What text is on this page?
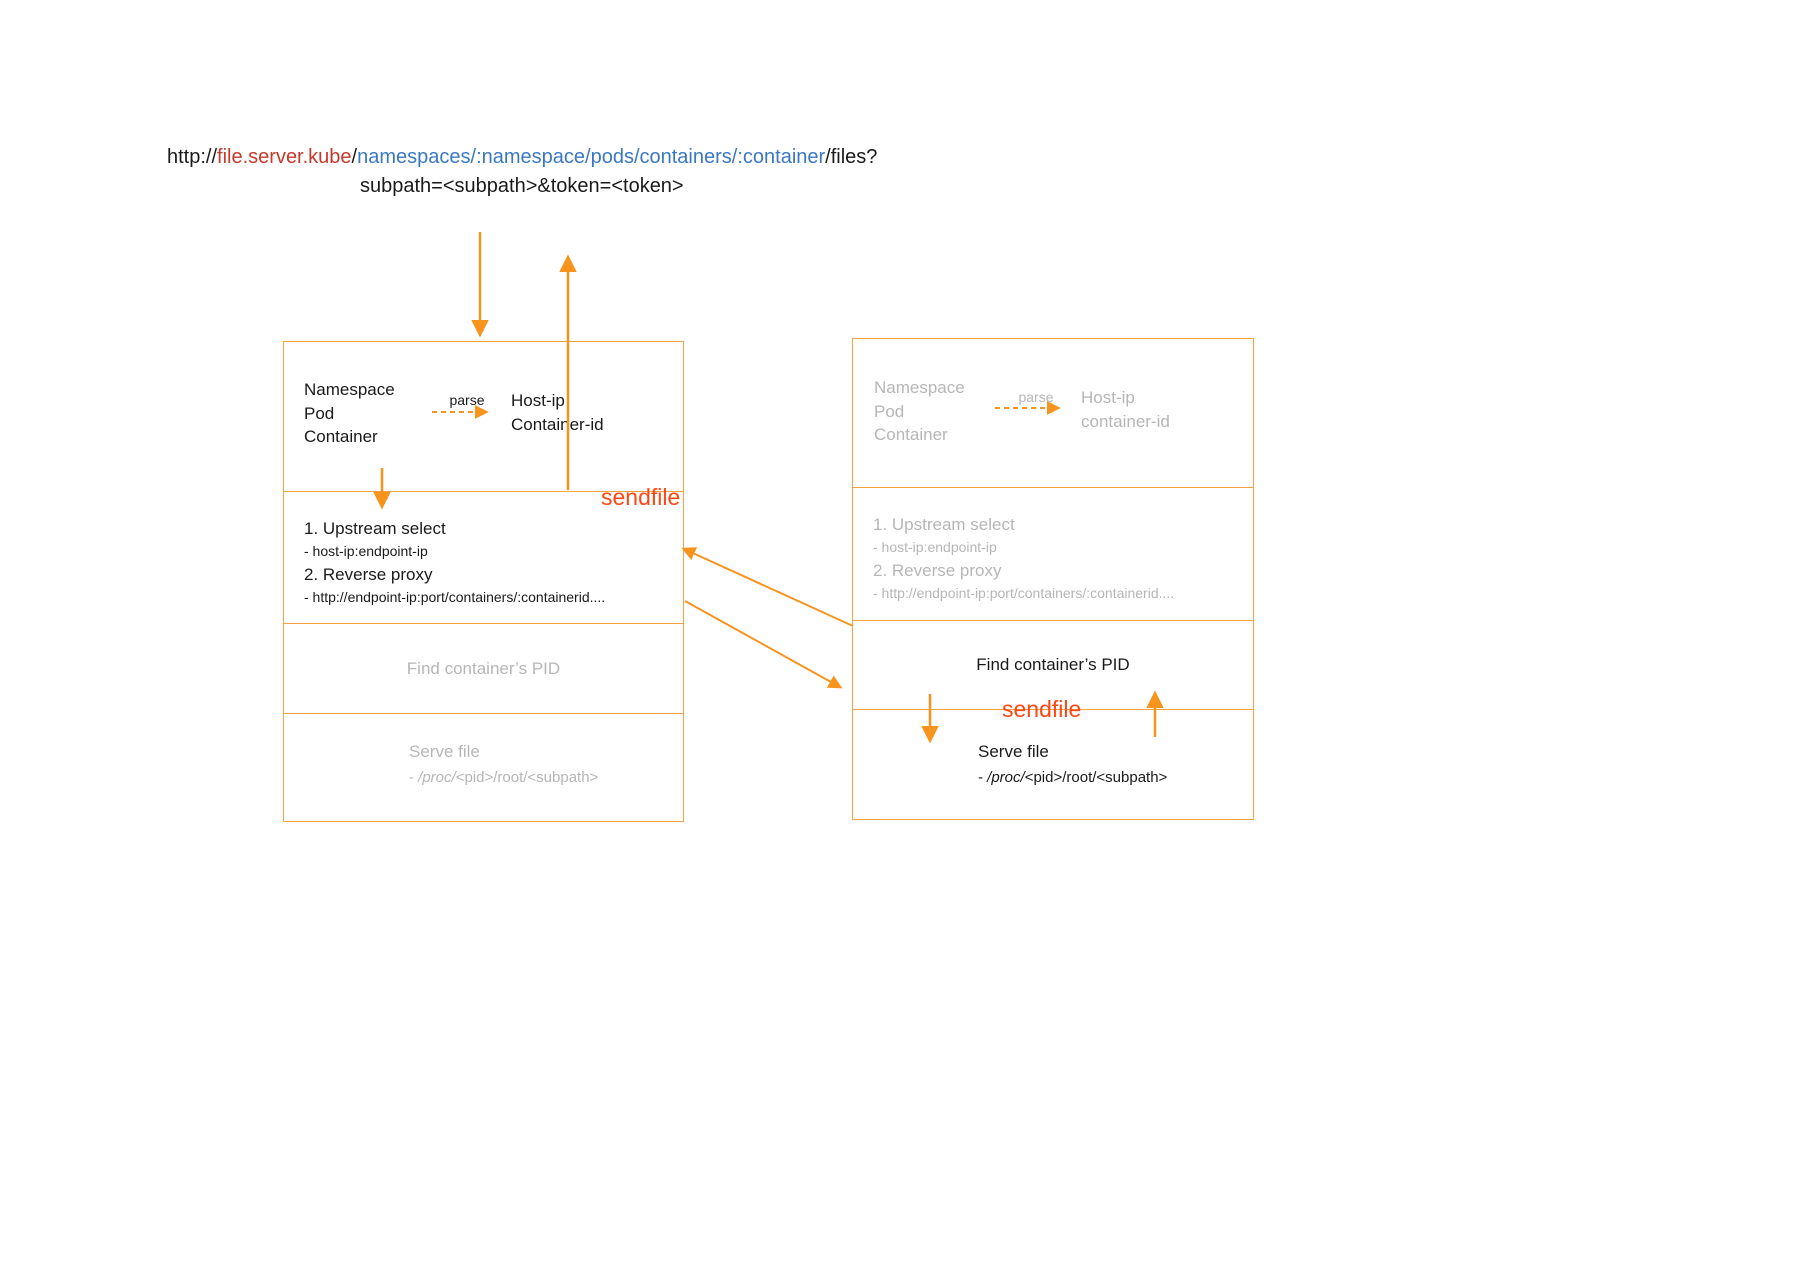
http://file.server.kube/namespaces/:namespace/pods/containers/:container/files?
subpath=<subpath>&token=<token>
Namespace
Pod
Container
parse	Host-ip
Container-id
1. Upstream select
- host-ip:endpoint-ip
2. Reverse proxy
- http://endpoint-ip:port/containers/:containerid....
Find container’s PID
Serve file
- /proc/<pid>/root/<subpath>
Namespace
Pod
Container
parse	Host-ip
container-id
1. Upstream select
- host-ip:endpoint-ip
2. Reverse proxy
- http://endpoint-ip:port/containers/:containerid....
Find container’s PID
Serve file
- /proc/<pid>/root/<subpath>
sendfile
sendfile
